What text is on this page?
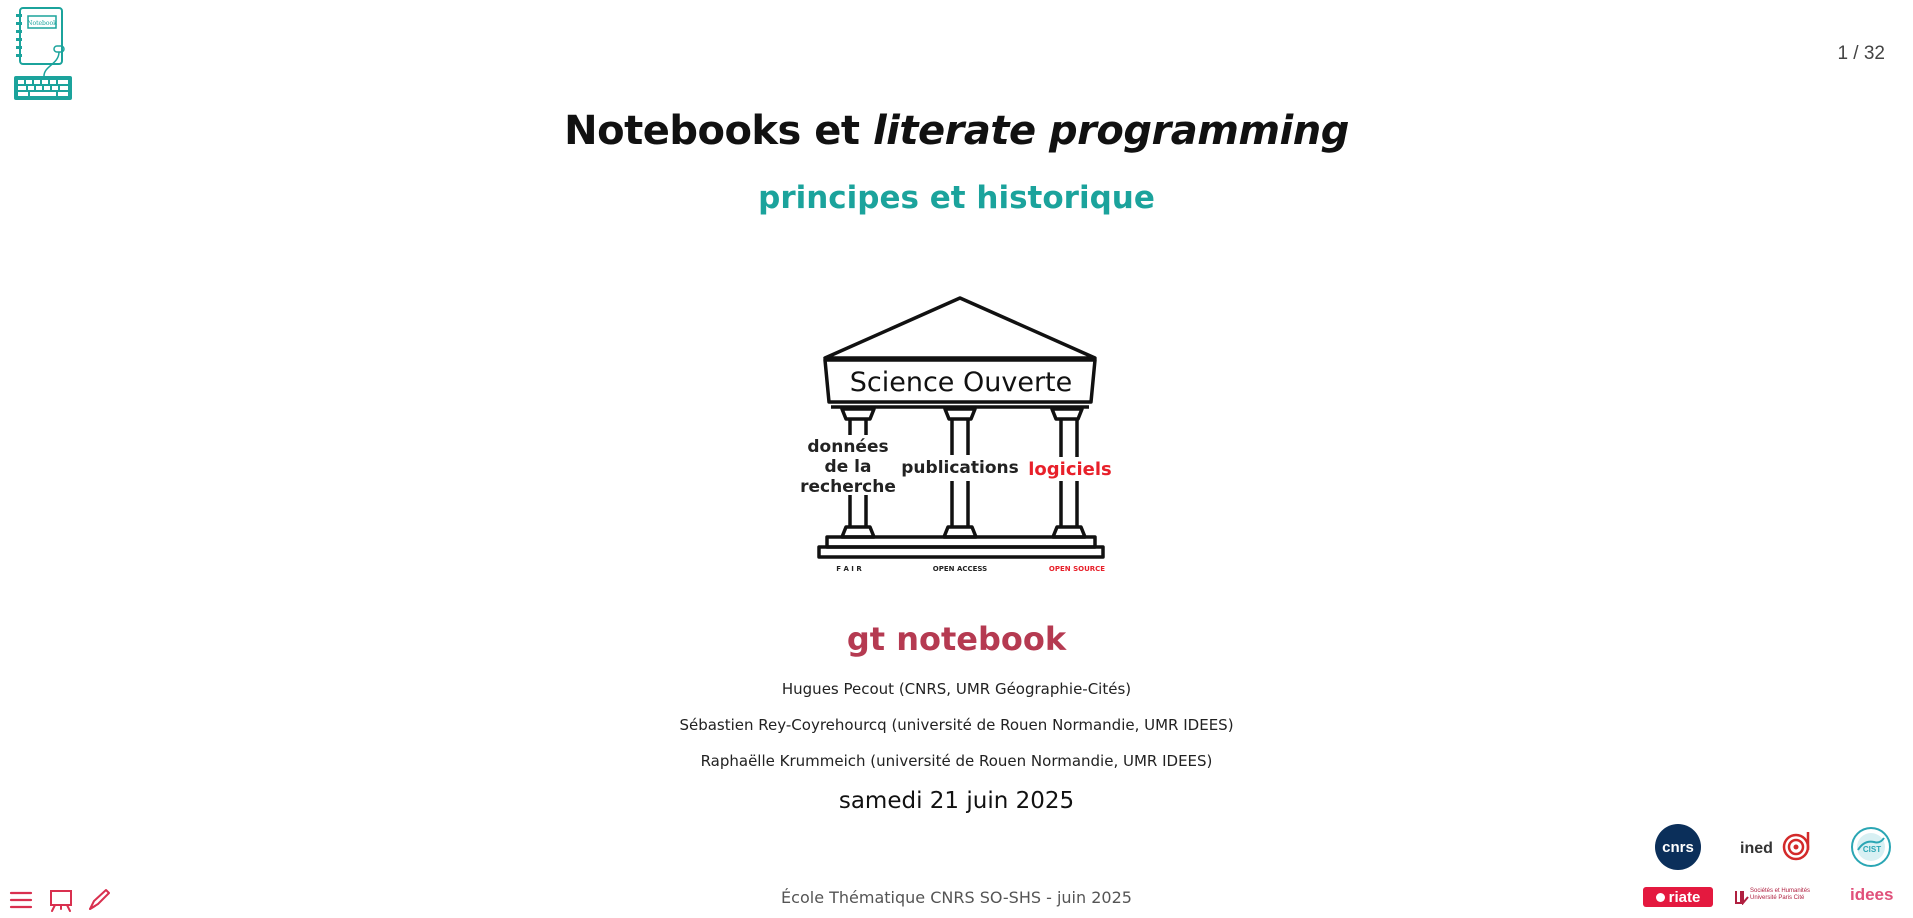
Notebook
1 / 32
Notebooks et literate programming
principes et historique
Science Ouverte
données
de la
recherche
publications logiciels
F A I R	OPEN ACCESS	OPEN SOURCE
gt notebook
Hugues Pecout (CNRS, UMR Géographie-Cités)
Sébastien Rey-Coyrehourcq (université de Rouen Normandie, UMR IDEES)
Raphaëlle Krummeich (université de Rouen Normandie, UMR IDEES)
samedi 21 juin 2025
École Thématique CNRS SO-SHS - juin 2025
cnrs	ined	CIST
riate	Sociétés et Humanités Université Paris Cité	idees
